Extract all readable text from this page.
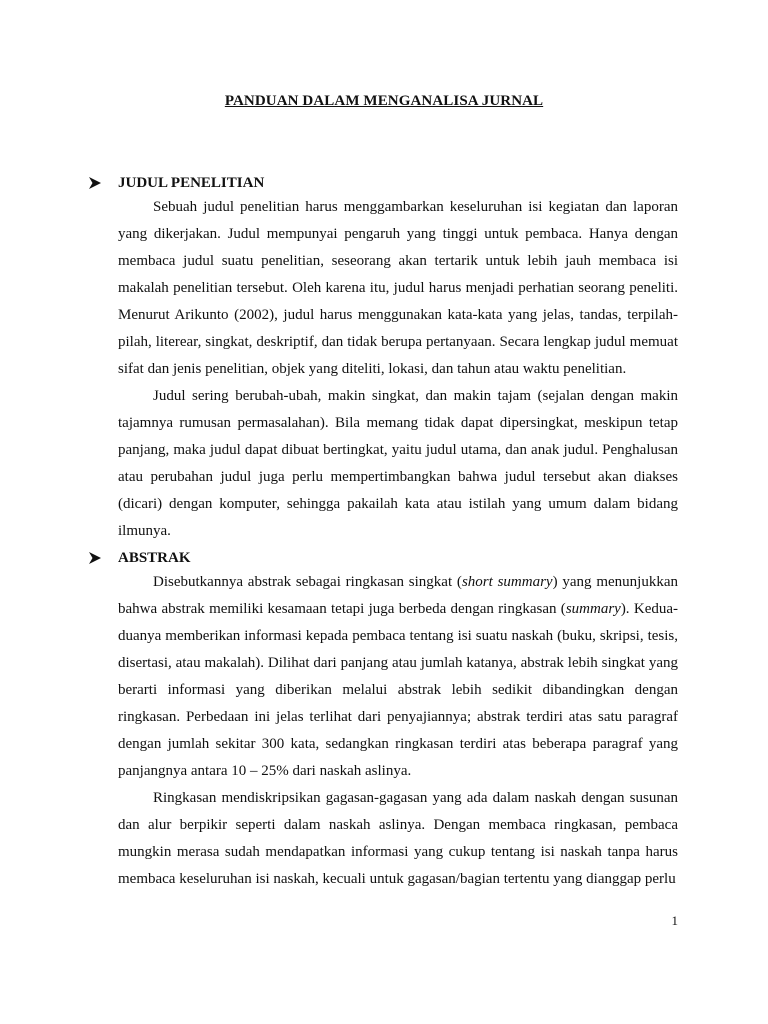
PANDUAN DALAM MENGANALISA JURNAL
JUDUL PENELITIAN

Sebuah judul penelitian harus menggambarkan keseluruhan isi kegiatan dan laporan yang dikerjakan. Judul mempunyai pengaruh yang tinggi untuk pembaca. Hanya dengan membaca judul suatu penelitian, seseorang akan tertarik untuk lebih jauh membaca isi makalah penelitian tersebut. Oleh karena itu, judul harus menjadi perhatian seorang peneliti. Menurut Arikunto (2002), judul harus menggunakan kata-kata yang jelas, tandas, terpilah-pilah, literear, singkat, deskriptif, dan tidak berupa pertanyaan. Secara lengkap judul memuat sifat dan jenis penelitian, objek yang diteliti, lokasi, dan tahun atau waktu penelitian.

Judul sering berubah-ubah, makin singkat, dan makin tajam (sejalan dengan makin tajamnya rumusan permasalahan). Bila memang tidak dapat dipersingkat, meskipun tetap panjang, maka judul dapat dibuat bertingkat, yaitu judul utama, dan anak judul. Penghalusan atau perubahan judul juga perlu mempertimbangkan bahwa judul tersebut akan diakses (dicari) dengan komputer, sehingga pakailah kata atau istilah yang umum dalam bidang ilmunya.

ABSTRAK

Disebutkannya abstrak sebagai ringkasan singkat (short summary) yang menunjukkan bahwa abstrak memiliki kesamaan tetapi juga berbeda dengan ringkasan (summary). Kedua-duanya memberikan informasi kepada pembaca tentang isi suatu naskah (buku, skripsi, tesis, disertasi, atau makalah). Dilihat dari panjang atau jumlah katanya, abstrak lebih singkat yang berarti informasi yang diberikan melalui abstrak lebih sedikit dibandingkan dengan ringkasan. Perbedaan ini jelas terlihat dari penyajiannya; abstrak terdiri atas satu paragraf dengan jumlah sekitar 300 kata, sedangkan ringkasan terdiri atas beberapa paragraf yang panjangnya antara 10 – 25% dari naskah aslinya.

Ringkasan mendiskripsikan gagasan-gagasan yang ada dalam naskah dengan susunan dan alur berpikir seperti dalam naskah aslinya. Dengan membaca ringkasan, pembaca mungkin merasa sudah mendapatkan informasi yang cukup tentang isi naskah tanpa harus membaca keseluruhan isi naskah, kecuali untuk gagasan/bagian tertentu yang dianggap perlu

1
